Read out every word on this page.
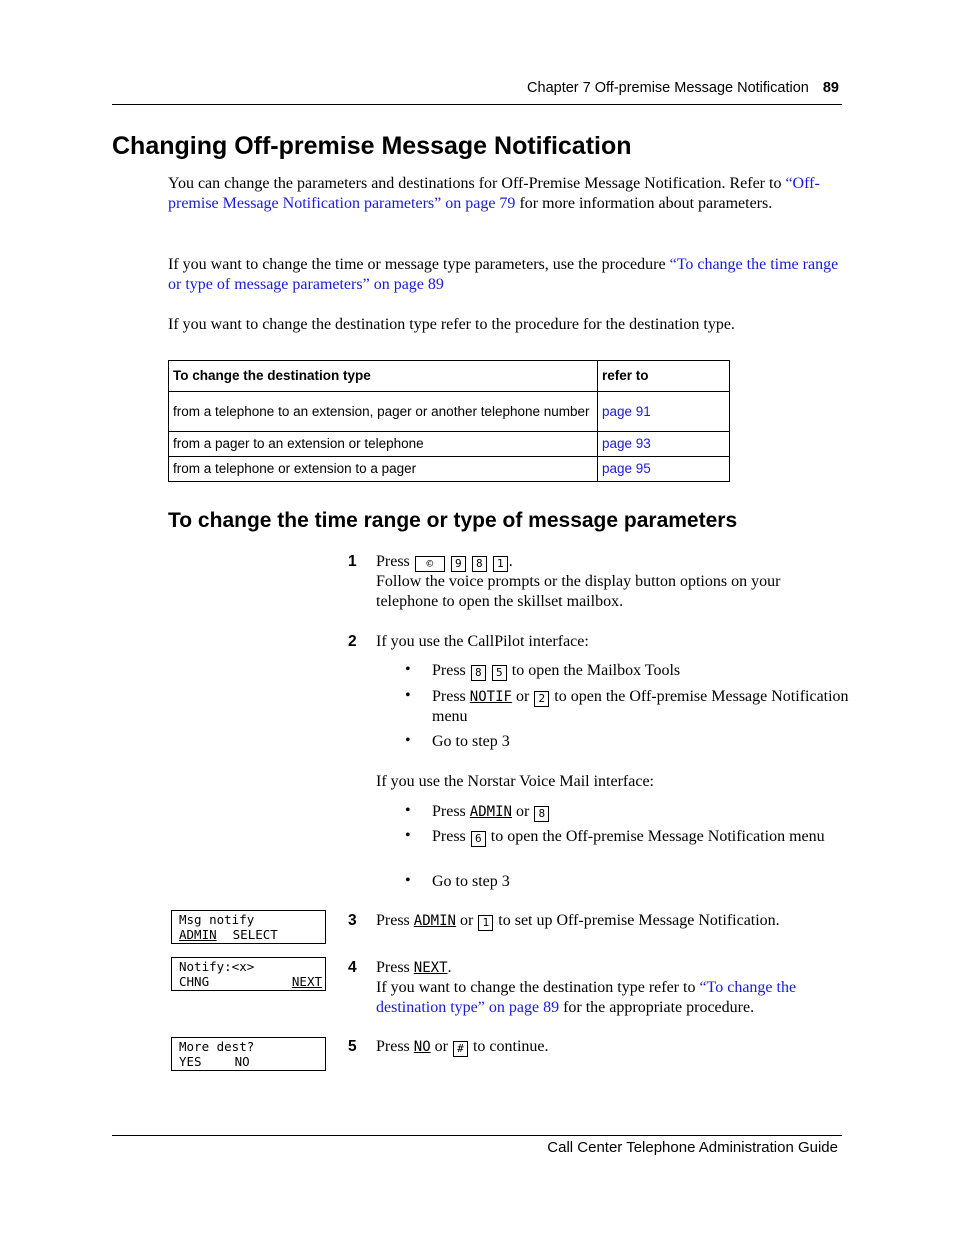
Chapter 7 Off-premise Message Notification 89
Changing Off-premise Message Notification
You can change the parameters and destinations for Off-Premise Message Notification. Refer to “Off-premise Message Notification parameters” on page 79 for more information about parameters.
If you want to change the time or message type parameters, use the procedure “To change the time range or type of message parameters” on page 89
If you want to change the destination type refer to the procedure for the destination type.
To change the destination type	refer to
from a telephone to an extension, pager or another telephone number	page 91
from a pager to an extension or telephone	page 93
from a telephone or extension to a pager	page 95
To change the time range or type of message parameters
1 Press © 9 8 1 .
Follow the voice prompts or the display button options on your telephone to open the skillset mailbox.
2 If you use the CallPilot interface:
• Press 8 5 to open the Mailbox Tools
• Press NOTIF or 2 to open the Off-premise Message Notification menu
• Go to step 3
If you use the Norstar Voice Mail interface:
• Press ADMIN or 8
• Press 6 to open the Off-premise Message Notification menu
• Go to step 3
Msg notify
ADMIN SELECT
3 Press ADMIN or 1 to set up Off-premise Message Notification.
Notify:<x>
CHNG	NEXT
4 Press NEXT.
If you want to change the destination type refer to “To change the destination type” on page 89 for the appropriate procedure.
More dest?
YES	NO
5 Press NO or # to continue.
Call Center Telephone Administration Guide
